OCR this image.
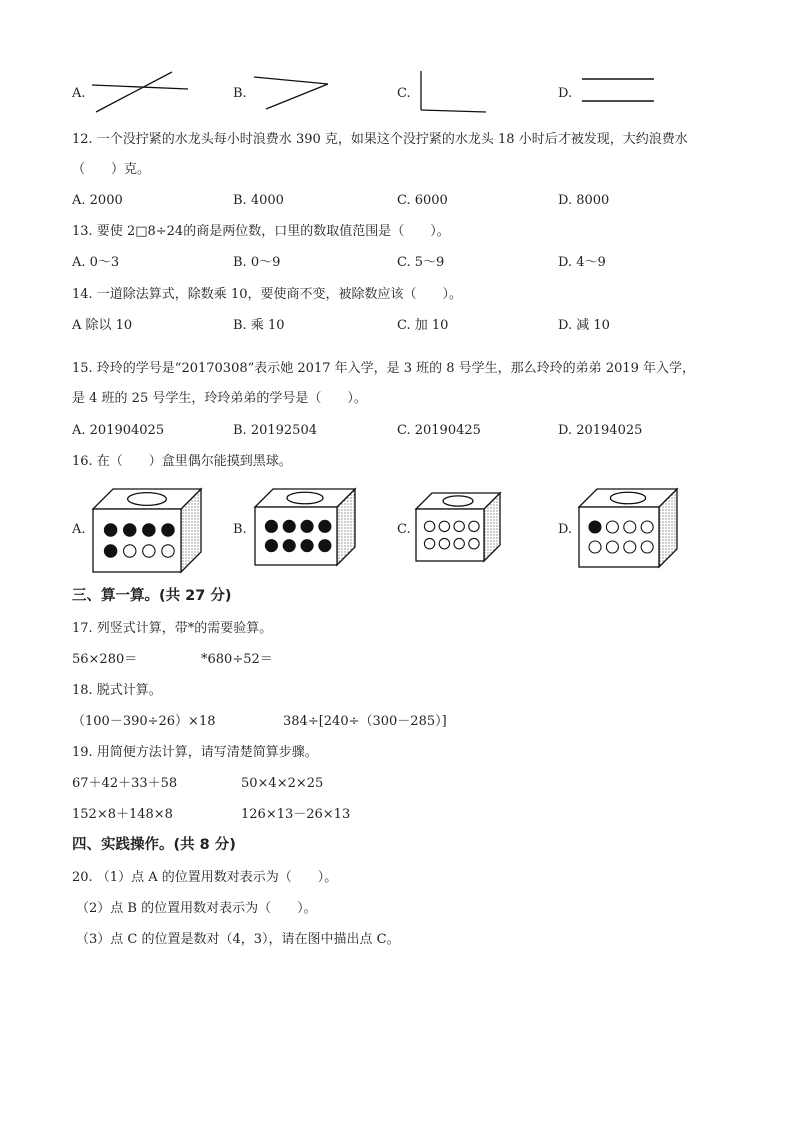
A.	B.	C.	D.
12. 一个没拧紧的水龙头每小时浪费水 390 克，如果这个没拧紧的水龙头 18 小时后才被发现，大约浪费水
（　　）克。
A. 2000	B. 4000	C. 6000	D. 8000
13. 要使 2□8÷24的商是两位数，口里的数取值范围是（　　）。
A. 0～3	B. 0～9	C. 5～9	D. 4～9
14. 一道除法算式，除数乘 10，要使商不变，被除数应该（　　）。
A 除以 10	B. 乘 10	C. 加 10	D. 减 10
15. 玲玲的学号是“20170308”表示她 2017 年入学，是 3 班的 8 号学生，那么玲玲的弟弟 2019 年入学，
是 4 班的 25 号学生，玲玲弟弟的学号是（　　）。
A. 201904025	B. 20192504	C. 20190425	D. 20194025
16. 在（　　）盒里偶尔能摸到黑球。
A.	B.	C.	D.
三、算一算。(共 27 分)
17. 列竖式计算，带*的需要验算。
56×280＝	*680÷52＝
18. 脱式计算。
（100－390÷26）×18	384÷[240÷（300－285）]
19. 用简便方法计算，请写清楚简算步骤。
67＋42＋33＋58	50×4×2×25
152×8＋148×8	126×13－26×13
四、实践操作。(共 8 分)
20. （1）点 A 的位置用数对表示为（　　）。
（2）点 B 的位置用数对表示为（　　）。
（3）点 C 的位置是数对（4，3），请在图中描出点 C。
